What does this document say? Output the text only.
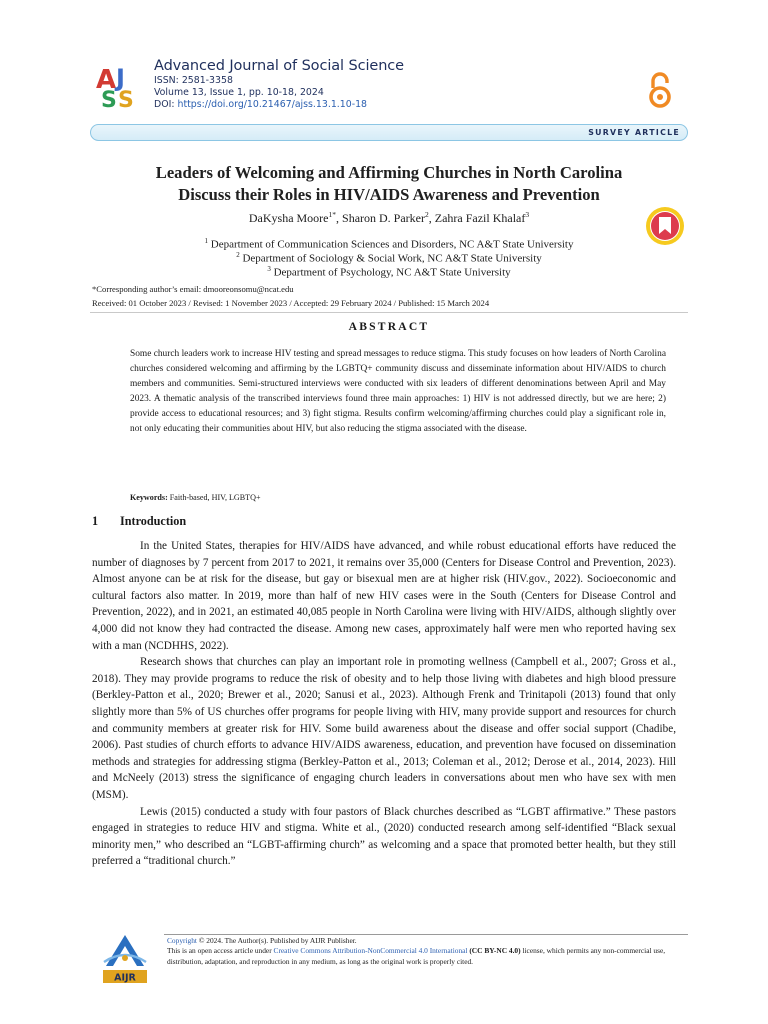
A J
S S
Advanced Journal of Social Science
ISSN: 2581-3358
Volume 13, Issue 1, pp. 10-18, 2024
DOI: https://doi.org/10.21467/ajss.13.1.10-18
SURVEY ARTICLE
Leaders of Welcoming and Affirming Churches in North Carolina
Discuss their Roles in HIV/AIDS Awareness and Prevention
DaKysha Moore$^{1*}$, Sharon D. Parker$^2$, Zahra Fazil Khalaf$^3$
$^1$ Department of Communication Sciences and Disorders, NC A&T State University
$^2$ Department of Sociology & Social Work, NC A&T State University
$^3$ Department of Psychology, NC A&T State University
*Corresponding author’s email: dmooreonsomu@ncat.edu
Received: 01 October 2023 / Revised: 1 November 2023 / Accepted: 29 February 2024 / Published: 15 March 2024
ABSTRACT
Some church leaders work to increase HIV testing and spread messages to reduce stigma. This study focuses on how leaders of North Carolina churches considered welcoming and affirming by the LGBTQ+ community discuss and disseminate information about HIV/AIDS to church members and communities. Semi-structured interviews were conducted with six leaders of different denominations between April and May 2023. A thematic analysis of the transcribed interviews found three main approaches: 1) HIV is not addressed directly, but we are here; 2) provide access to educational resources; and 3) fight stigma. Results confirm welcoming/affirming churches could play a significant role in, not only educating their communities about HIV, but also reducing the stigma associated with the disease.
Keywords: Faith-based, HIV, LGBTQ+
1 Introduction

In the United States, therapies for HIV/AIDS have advanced, and while robust educational efforts have reduced the number of diagnoses by 7 percent from 2017 to 2021, it remains over 35,000 (Centers for Disease Control and Prevention, 2023). Almost anyone can be at risk for the disease, but gay or bisexual men are at higher risk (HIV.gov., 2022). Socioeconomic and cultural factors also matter. In 2019, more than half of new HIV cases were in the South (Centers for Disease Control and Prevention, 2022), and in 2021, an estimated 40,085 people in North Carolina were living with HIV/AIDS, although slightly over 4,000 did not know they had contracted the disease. Among new cases, approximately half were men who reported having sex with a man (NCDHHS, 2022).

Research shows that churches can play an important role in promoting wellness (Campbell et al., 2007; Gross et al., 2018). They may provide programs to reduce the risk of obesity and to help those living with diabetes and high blood pressure (Berkley-Patton et al., 2020; Brewer et al., 2020; Sanusi et al., 2023). Although Frenk and Trinitapoli (2013) found that only slightly more than 5% of US churches offer programs for people living with HIV, many provide support and resources for church and community members at greater risk for HIV. Some build awareness about the disease and offer social support (Chadibe, 2006). Past studies of church efforts to advance HIV/AIDS awareness, education, and prevention have focused on dissemination methods and strategies for addressing stigma (Berkley-Patton et al., 2013; Coleman et al., 2012; Derose et al., 2014, 2023). Hill and McNeely (2013) stress the significance of engaging church leaders in conversations about men who have sex with men (MSM).

Lewis (2015) conducted a study with four pastors of Black churches described as “LGBT affirmative.” These pastors engaged in strategies to reduce HIV and stigma. White et al., (2020) conducted research among self-identified “Black sexual minority men,” who described an “LGBT-affirming church” as welcoming and a space that promoted better health, but they still preferred a “traditional church.”

AIJR
Copyright © 2024. The Author(s). Published by AIJR Publisher.
This is an open access article under Creative Commons Attribution-NonCommercial 4.0 International (CC BY-NC 4.0) license, which permits any non-commercial use, distribution, adaptation, and reproduction in any medium, as long as the original work is properly cited.
